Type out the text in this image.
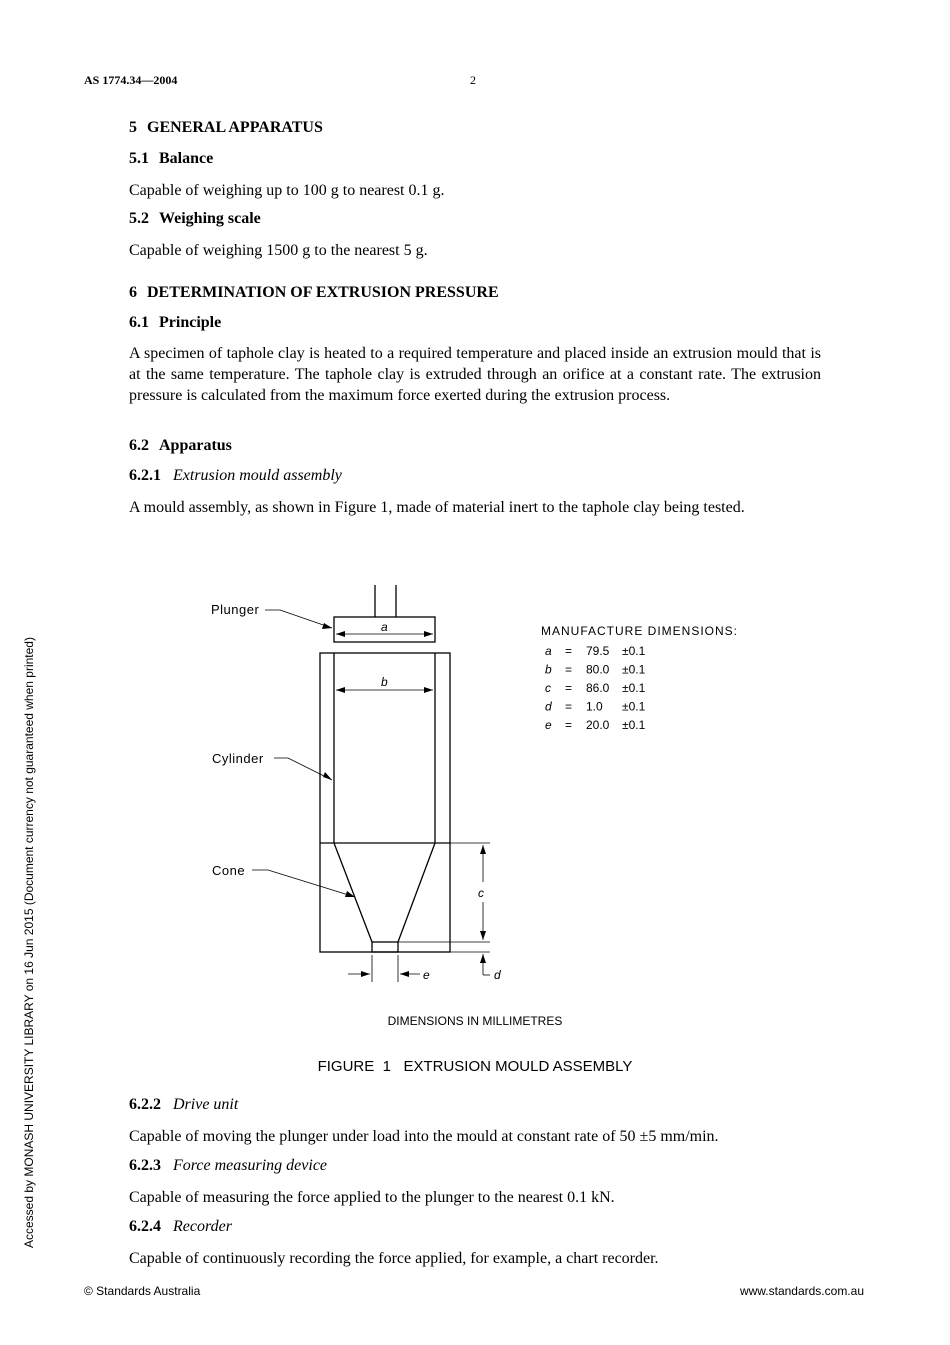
AS 1774.34—2004	2
5 GENERAL APPARATUS
5.1 Balance
Capable of weighing up to 100 g to nearest 0.1 g.
5.2 Weighing scale
Capable of weighing 1500 g to the nearest 5 g.
6 DETERMINATION OF EXTRUSION PRESSURE
6.1 Principle
A specimen of taphole clay is heated to a required temperature and placed inside an extrusion mould that is at the same temperature. The taphole clay is extruded through an orifice at a constant rate. The extrusion pressure is calculated from the maximum force exerted during the extrusion process.
6.2 Apparatus
6.2.1 Extrusion mould assembly
A mould assembly, as shown in Figure 1, made of material inert to the taphole clay being tested.
Plunger
Cylinder
Cone
a
b
c
d
e
MANUFACTURE DIMENSIONS:
a = 79.5 ±0.1
b = 80.0 ±0.1
c = 86.0 ±0.1
d = 1.0 ±0.1
e = 20.0 ±0.1
DIMENSIONS IN MILLIMETRES
FIGURE  1   EXTRUSION MOULD ASSEMBLY
6.2.2 Drive unit
Capable of moving the plunger under load into the mould at constant rate of 50 ±5 mm/min.
6.2.3 Force measuring device
Capable of measuring the force applied to the plunger to the nearest 0.1 kN.
6.2.4 Recorder
Capable of continuously recording the force applied, for example, a chart recorder.
Accessed by MONASH UNIVERSITY LIBRARY on 16 Jun 2015 (Document currency not guaranteed when printed)
© Standards Australia	www.standards.com.au
